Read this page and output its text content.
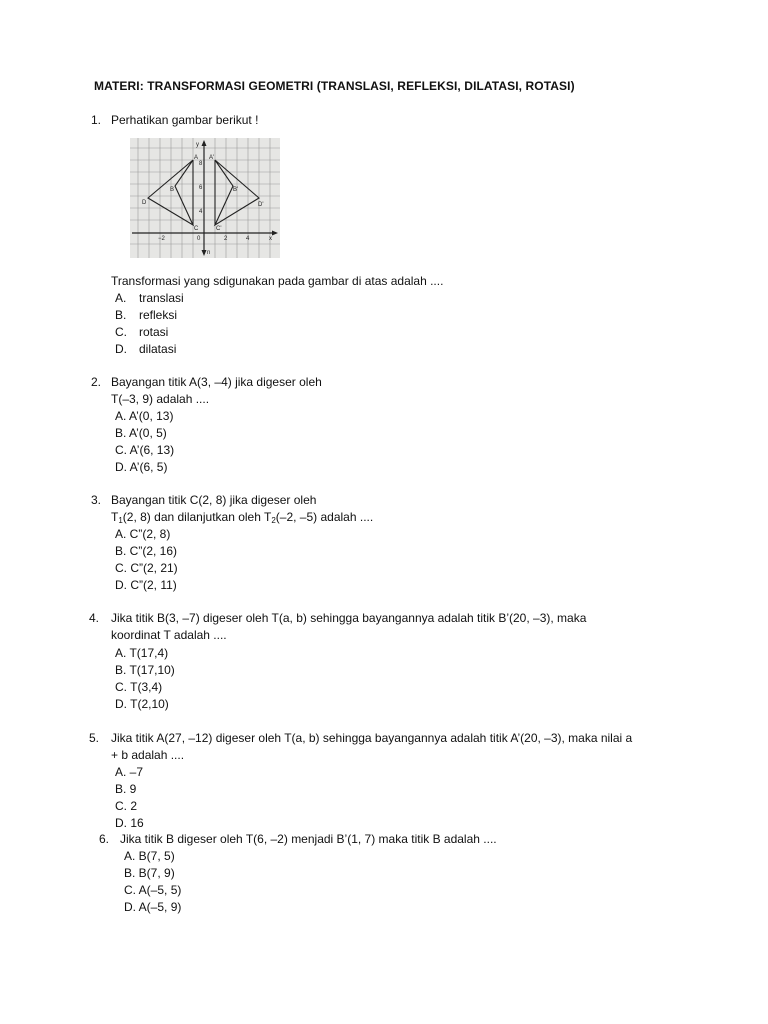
MATERI: TRANSFORMASI GEOMETRI (TRANSLASI, REFLEKSI, DILATASI, ROTASI)
1. Perhatikan gambar berikut !
A A'
B	B'
C	C'
D	D'
y
x
n
−2	0	2	4
8
6
4
Transformasi yang sdigunakan pada gambar di atas adalah ....
A. translasi
B. refleksi
C. rotasi
D. dilatasi
2. Bayangan titik A(3, –4) jika digeser oleh
T(–3, 9) adalah ....
A. A’(0, 13)
B. A’(0, 5)
C. A’(6, 13)
D. A’(6, 5)
3. Bayangan titik C(2, 8) jika digeser oleh
$T_1(2$, 8) dan dilanjutkan oleh $T_2(-2$, –5) adalah ....
A. C”(2, 8)
B. C”(2, 16)
C. C”(2, 21)
D. C”(2, 11)
4. Jika titik B(3, –7) digeser oleh T(a, b) sehingga bayangannya adalah titik B’(20, –3), maka
koordinat T adalah ....
A. T(17,4)
B. T(17,10)
C. T(3,4)
D. T(2,10)
5. Jika titik A(27, –12) digeser oleh T(a, b) sehingga bayangannya adalah titik A’(20, –3), maka nilai a
+ b adalah ....
A. –7
B. 9
C. 2
D. 16
6. Jika titik B digeser oleh T(6, –2) menjadi B’(1, 7) maka titik B adalah ....
A. B(7, 5)
B. B(7, 9)
C. A(–5, 5)
D. A(–5, 9)
